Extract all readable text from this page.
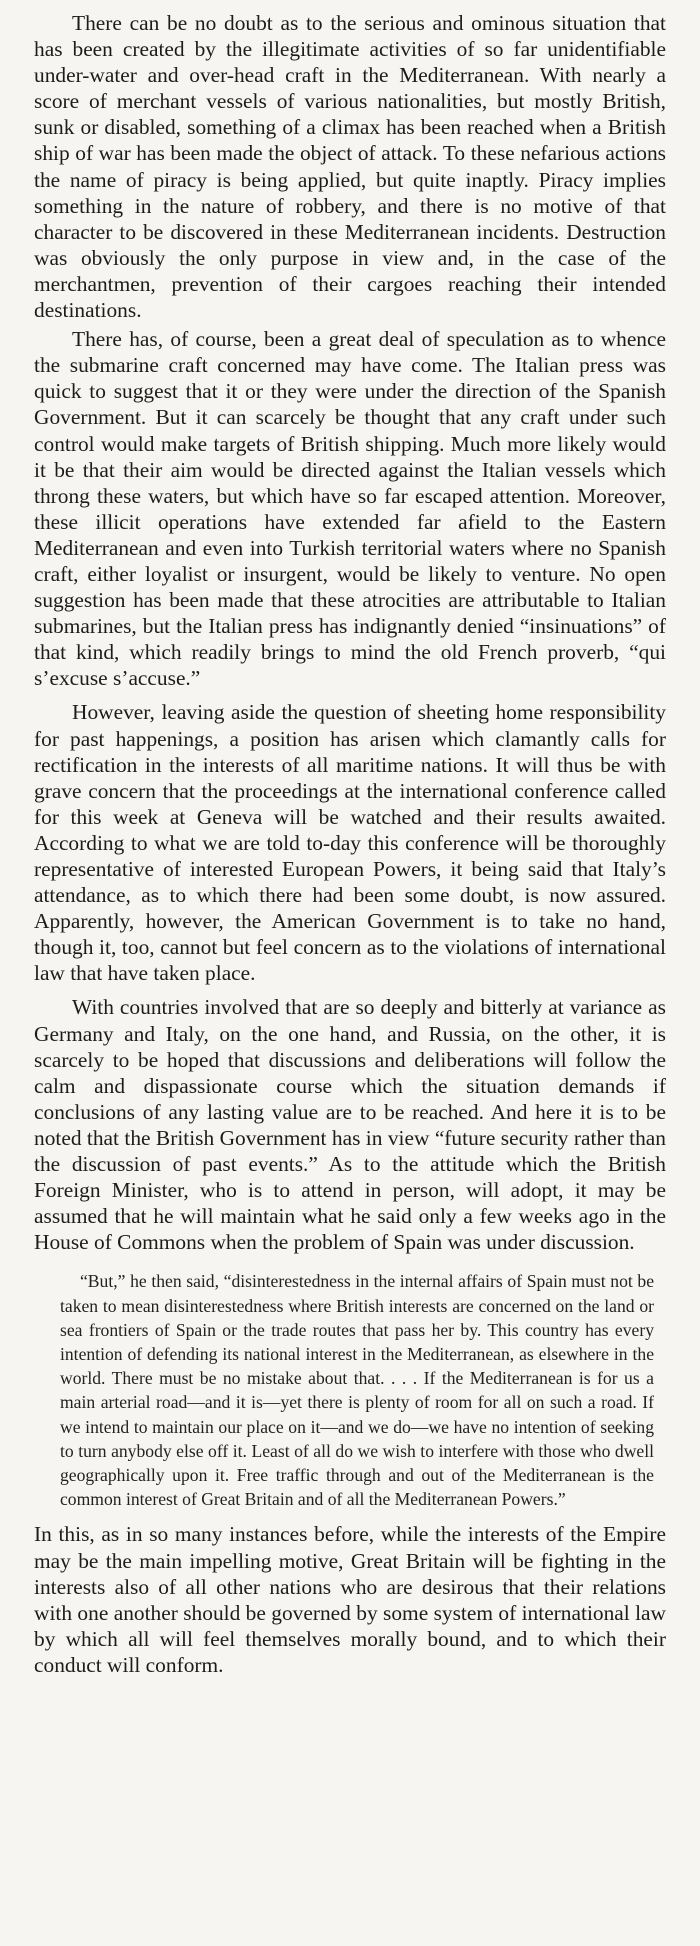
There can be no doubt as to the serious and ominous situation that has been created by the illegitimate activities of so far unidentifiable under-water and over-head craft in the Mediterranean. With nearly a score of merchant vessels of various nationalities, but mostly British, sunk or disabled, something of a climax has been reached when a British ship of war has been made the object of attack. To these nefarious actions the name of piracy is being applied, but quite inaptly. Piracy implies something in the nature of robbery, and there is no motive of that character to be discovered in these Mediterranean incidents. Destruction was obviously the only purpose in view and, in the case of the merchantmen, prevention of their cargoes reaching their intended destinations.

There has, of course, been a great deal of speculation as to whence the submarine craft concerned may have come. The Italian press was quick to suggest that it or they were under the direction of the Spanish Government. But it can scarcely be thought that any craft under such control would make targets of British shipping. Much more likely would it be that their aim would be directed against the Italian vessels which throng these waters, but which have so far escaped attention. Moreover, these illicit operations have extended far afield to the Eastern Mediterranean and even into Turkish territorial waters where no Spanish craft, either loyalist or insurgent, would be likely to venture. No open suggestion has been made that these atrocities are attributable to Italian submarines, but the Italian press has indignantly denied “insinuations” of that kind, which readily brings to mind the old French proverb, “qui s’excuse s’accuse.”

However, leaving aside the question of sheeting home responsibility for past happenings, a position has arisen which clamantly calls for rectification in the interests of all maritime nations. It will thus be with grave concern that the proceedings at the international conference called for this week at Geneva will be watched and their results awaited. According to what we are told to-day this conference will be thoroughly representative of interested European Powers, it being said that Italy’s attendance, as to which there had been some doubt, is now assured. Apparently, however, the American Government is to take no hand, though it, too, cannot but feel concern as to the violations of international law that have taken place.

With countries involved that are so deeply and bitterly at variance as Germany and Italy, on the one hand, and Russia, on the other, it is scarcely to be hoped that discussions and deliberations will follow the calm and dispassionate course which the situation demands if conclusions of any lasting value are to be reached. And here it is to be noted that the British Government has in view “future security rather than the discussion of past events.” As to the attitude which the British Foreign Minister, who is to attend in person, will adopt, it may be assumed that he will maintain what he said only a few weeks ago in the House of Commons when the problem of Spain was under discussion.

“But,” he then said, “disinterestedness in the internal affairs of Spain must not be taken to mean disinterestedness where British interests are concerned on the land or sea frontiers of Spain or the trade routes that pass her by. This country has every intention of defending its national interest in the Mediterranean, as elsewhere in the world. There must be no mistake about that. . . . If the Mediterranean is for us a main arterial road—and it is—yet there is plenty of room for all on such a road. If we intend to maintain our place on it—and we do—we have no intention of seeking to turn anybody else off it. Least of all do we wish to interfere with those who dwell geographically upon it. Free traffic through and out of the Mediterranean is the common interest of Great Britain and of all the Mediterranean Powers.”

In this, as in so many instances before, while the interests of the Empire may be the main impelling motive, Great Britain will be fighting in the interests also of all other nations who are desirous that their relations with one another should be governed by some system of international law by which all will feel themselves morally bound, and to which their conduct will conform.
